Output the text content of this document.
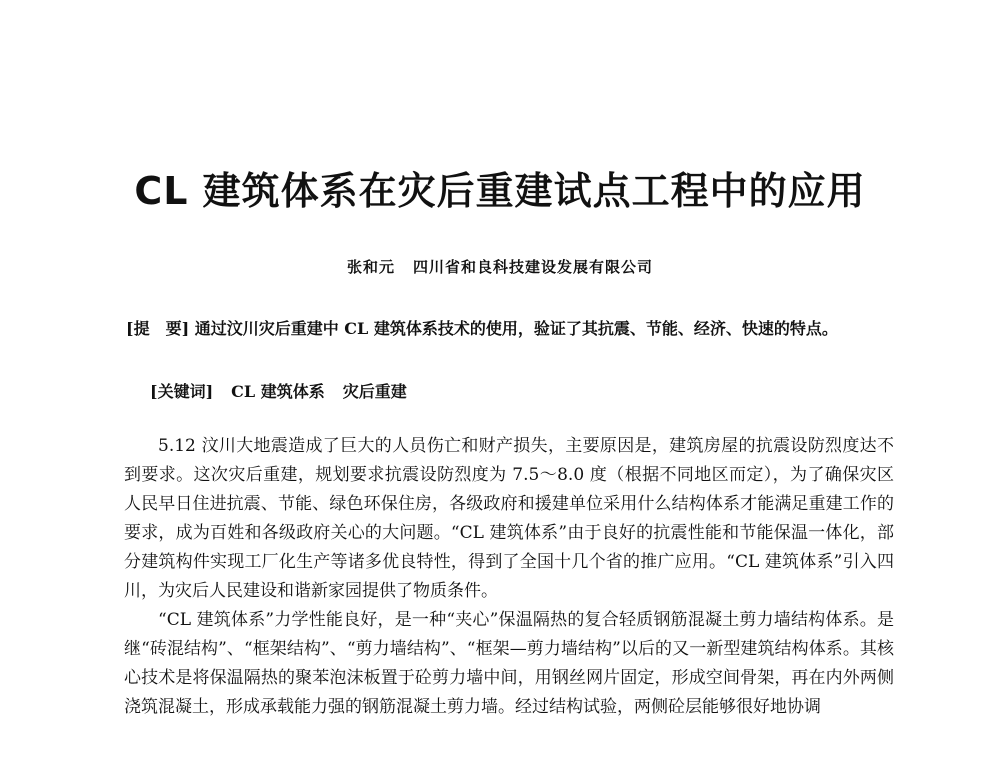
CL 建筑体系在灾后重建试点工程中的应用
张和元 四川省和良科技建设发展有限公司
[提　要] 通过汶川灾后重建中 CL 建筑体系技术的使用，验证了其抗震、节能、经济、快速的特点。
[关键词] CL 建筑体系 灾后重建

5.12 汶川大地震造成了巨大的人员伤亡和财产损失，主要原因是，建筑房屋的抗震设防烈度达不到要求。这次灾后重建，规划要求抗震设防烈度为 7.5～8.0 度（根据不同地区而定），为了确保灾区人民早日住进抗震、节能、绿色环保住房，各级政府和援建单位采用什么结构体系才能满足重建工作的要求，成为百姓和各级政府关心的大问题。“CL 建筑体系”由于良好的抗震性能和节能保温一体化，部分建筑构件实现工厂化生产等诸多优良特性，得到了全国十几个省的推广应用。“CL 建筑体系”引入四川，为灾后人民建设和谐新家园提供了物质条件。

“CL 建筑体系”力学性能良好，是一种“夹心”保温隔热的复合轻质钢筋混凝土剪力墙结构体系。是继“砖混结构”、“框架结构”、“剪力墙结构”、“框架—剪力墙结构”以后的又一新型建筑结构体系。其核心技术是将保温隔热的聚苯泡沫板置于砼剪力墙中间，用钢丝网片固定，形成空间骨架，再在内外两侧浇筑混凝土，形成承载能力强的钢筋混凝土剪力墙。经过结构试验，两侧砼层能够很好地协调
